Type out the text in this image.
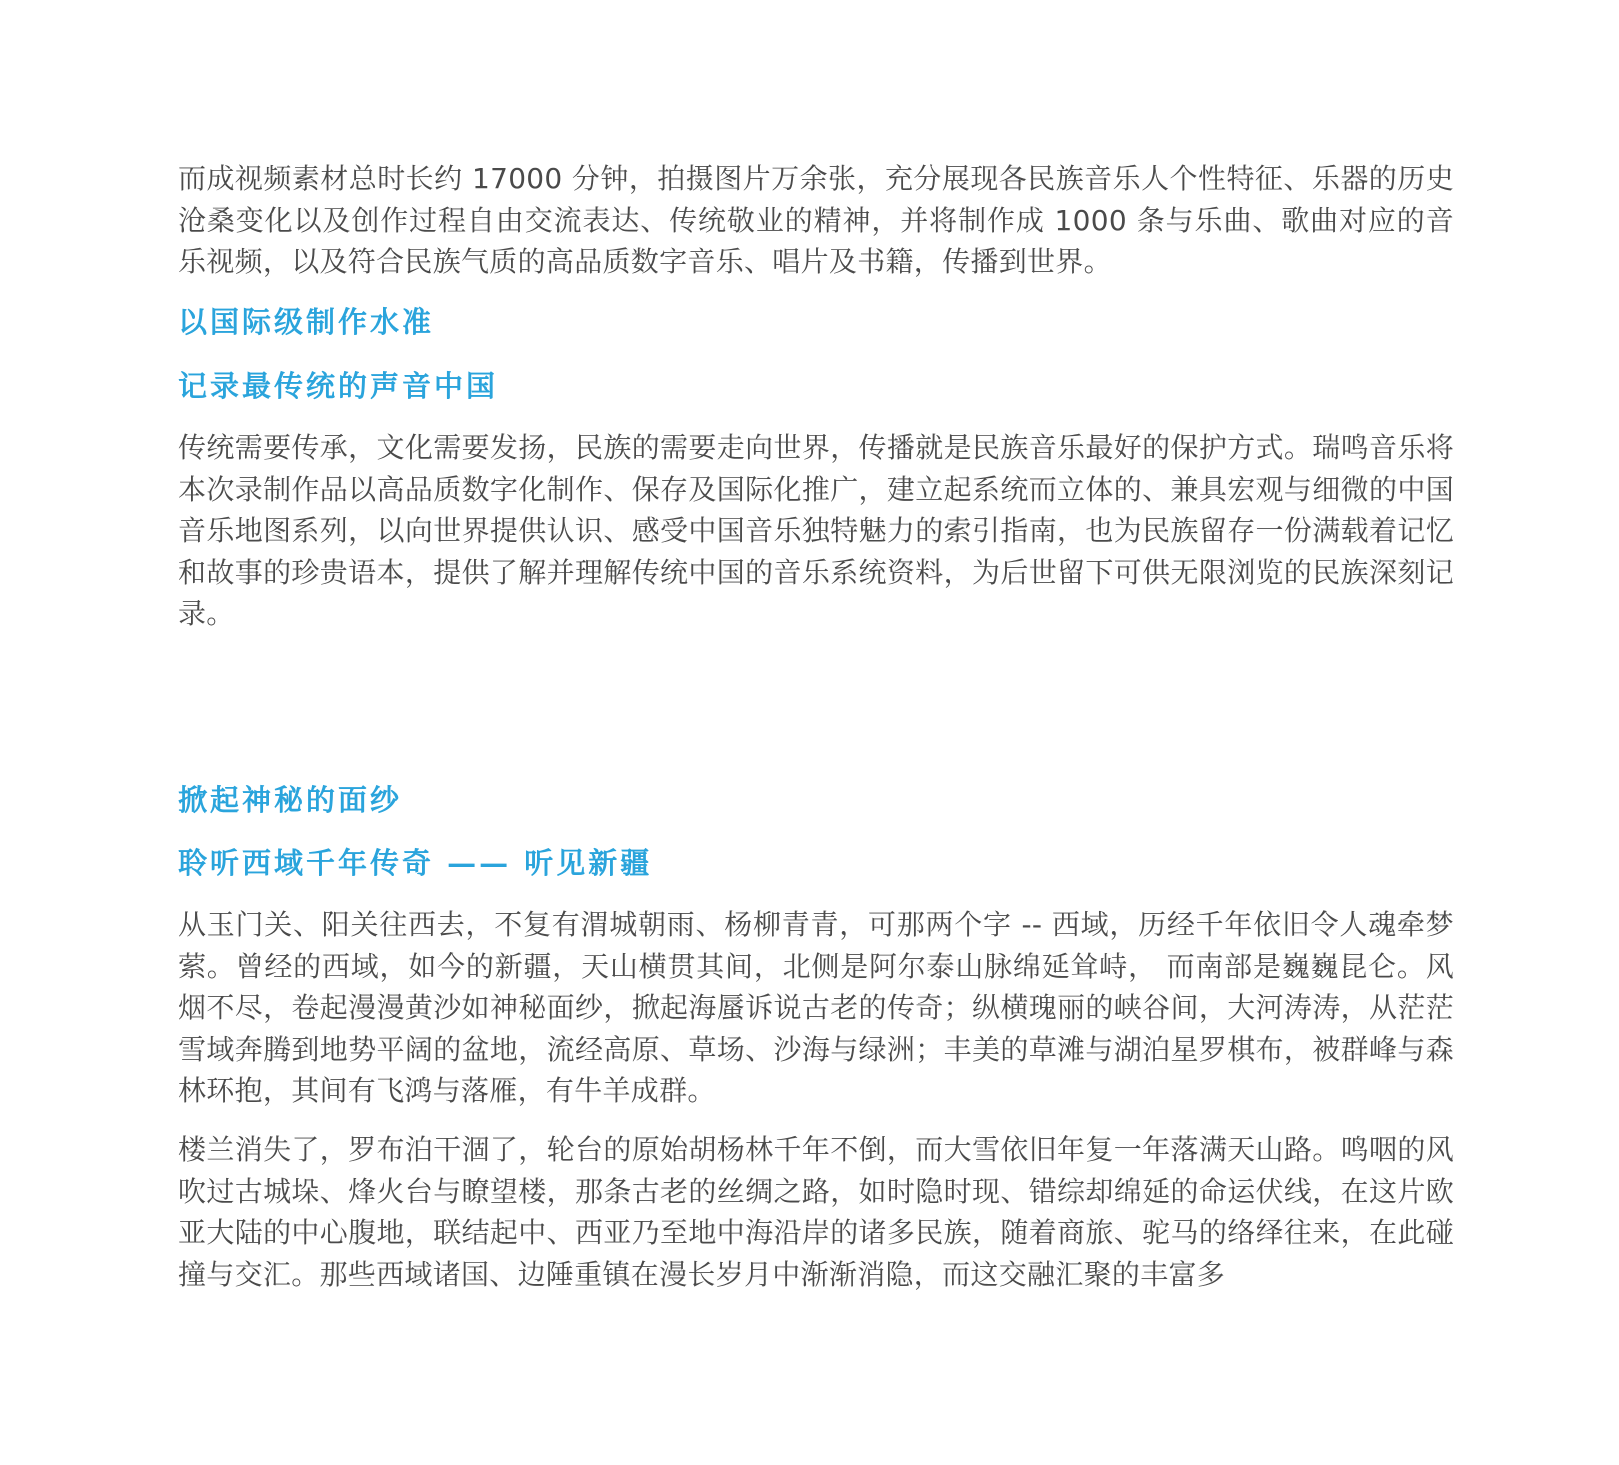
而成视频素材总时长约 17000 分钟，拍摄图片万余张，充分展现各民族音乐人个性特征、乐器的历史沧桑变化以及创作过程自由交流表达、传统敬业的精神，并将制作成 1000 条与乐曲、歌曲对应的音乐视频，以及符合民族气质的高品质数字音乐、唱片及书籍，传播到世界。

以国际级制作水准
记录最传统的声音中国

传统需要传承，文化需要发扬，民族的需要走向世界，传播就是民族音乐最好的保护方式。瑞鸣音乐将本次录制作品以高品质数字化制作、保存及国际化推广，建立起系统而立体的、兼具宏观与细微的中国音乐地图系列，以向世界提供认识、感受中国音乐独特魅力的索引指南，也为民族留存一份满载着记忆和故事的珍贵语本，提供了解并理解传统中国的音乐系统资料，为后世留下可供无限浏览的民族深刻记录。

掀起神秘的面纱
聆听西域千年传奇 —— 听见新疆

从玉门关、阳关往西去，不复有渭城朝雨、杨柳青青，可那两个字 -- 西域，历经千年依旧令人魂牵梦萦。曾经的西域，如今的新疆，天山横贯其间，北侧是阿尔泰山脉绵延耸峙， 而南部是巍巍昆仑。风烟不尽，卷起漫漫黄沙如神秘面纱，掀起海蜃诉说古老的传奇；纵横瑰丽的峡谷间，大河涛涛，从茫茫雪域奔腾到地势平阔的盆地，流经高原、草场、沙海与绿洲；丰美的草滩与湖泊星罗棋布，被群峰与森林环抱，其间有飞鸿与落雁，有牛羊成群。

楼兰消失了，罗布泊干涸了，轮台的原始胡杨林千年不倒，而大雪依旧年复一年落满天山路。鸣咽的风吹过古城垛、烽火台与瞭望楼，那条古老的丝绸之路，如时隐时现、错综却绵延的命运伏线，在这片欧亚大陆的中心腹地，联结起中、西亚乃至地中海沿岸的诸多民族，随着商旅、驼马的络绎往来，在此碰撞与交汇。那些西域诸国、边陲重镇在漫长岁月中渐渐消隐，而这交融汇聚的丰富多
